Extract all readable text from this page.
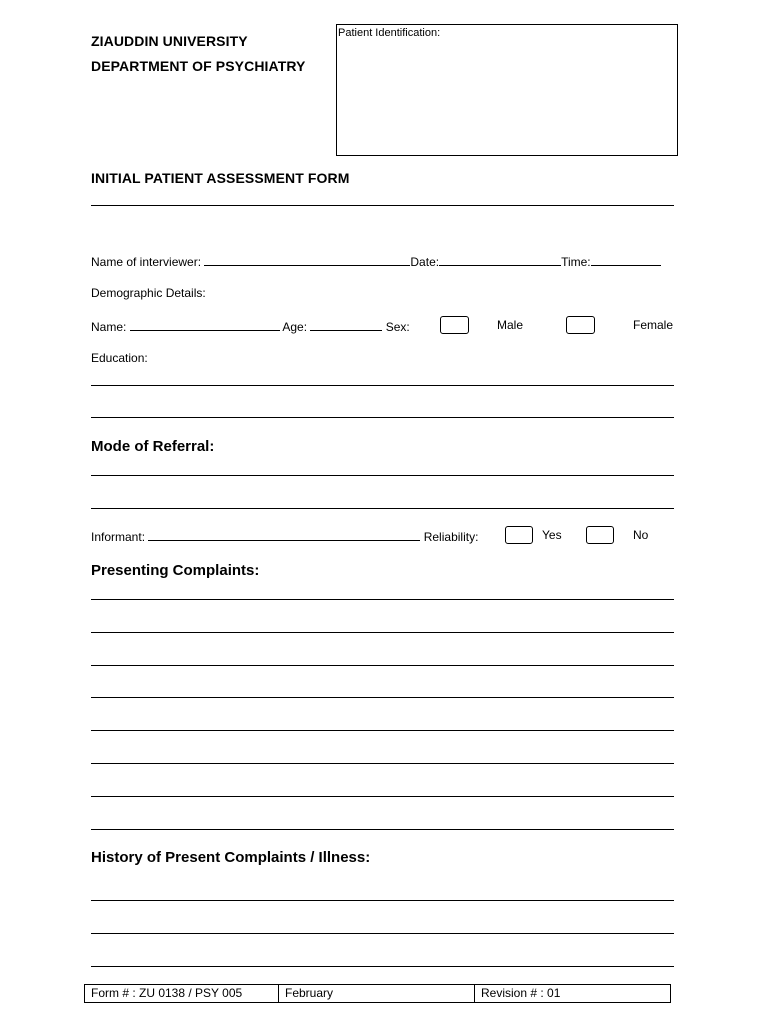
ZIAUDDIN UNIVERSITY
DEPARTMENT OF PSYCHIATRY
Patient Identification:
INITIAL PATIENT ASSESSMENT FORM
Name of interviewer:	Date:	Time:
Demographic Details:
Name:	Age:	Sex:	Male	Female
Education:
Mode of Referral:
Informant:	Reliability:	Yes	No
Presenting Complaints:
History of Present Complaints / Illness:
Form # : ZU 0138 / PSY 005	February	Revision # : 01
